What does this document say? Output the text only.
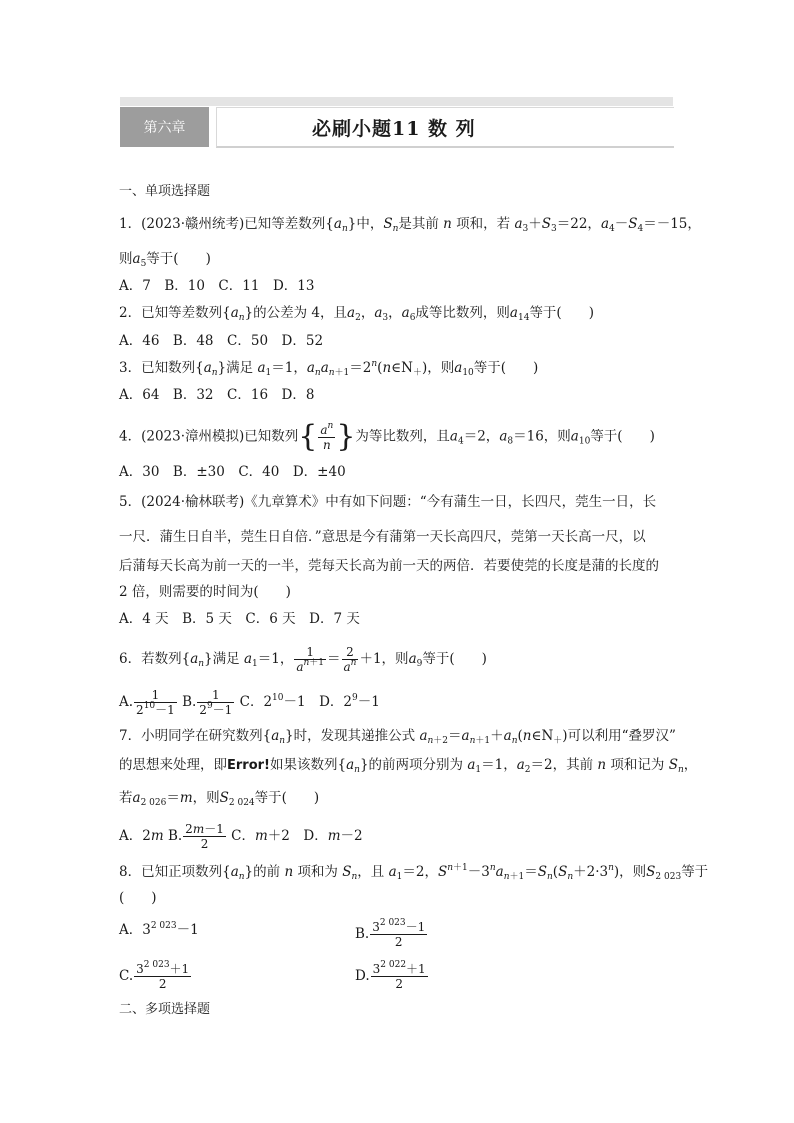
第六章	必刷小题11 数 列
一、单项选择题
1．(2023·赣州统考)已知等差数列$\{a_n\}$中，$S_n$是其前 n 项和，若 $a_3+S_3=22$，$a_4-S_4=-15$，
则$a_5$等于(　　)
A．7　B．10　C．11　D．13
2．已知等差数列$\{a_n\}$的公差为 4，且$a_2$，$a_3$，$a_6$成等比数列，则$a_{14}$等于(　　)
A．46　B．48　C．50　D．52
3．已知数列$\{a_n\}$满足 $a_1=1$，$a_na_{n+1}=2^n(n\in N_+)$，则$a_{10}$等于(　　)
A．64　B．32　C．16　D．8
4．(2023·漳州模拟)已知数列{ $\frac{a^n}{n}$ }为等比数列，且$a_4=2$，$a_8=16$，则$a_{10}$等于(　　)
A．30　B．±30　C．40　D．±40
5．(2024·榆林联考)《九章算术》中有如下问题：“今有蒲生一日，长四尺，莞生一日，长
一尺．蒲生日自半，莞生日自倍．”意思是今有蒲第一天长高四尺，莞第一天长高一尺，以
后蒲每天长高为前一天的一半，莞每天长高为前一天的两倍．若要使莞的长度是蒲的长度的
2 倍，则需要的时间为(　　)
A．4 天　B．5 天　C．6 天　D．7 天
6．若数列$\{a_n\}$满足 $a_1=1$， $\frac{1}{a^{n+1}} = \frac{2}{a^n} +1$，则$a_9$等于(　　)
A. $\frac{1}{2^{10}-1} B$. $\frac{1}{2^9-1}$ C．$2^{10}-1$　D．$2^9-1$
7．小明同学在研究数列$\{a_n\}$时，发现其递推公式 $a_{n+2}=a_{n+1}+a_n(n\in N_+)$可以利用“叠罗汉”
的思想来处理，即Error!如果该数列$\{a_n\}$的前两项分别为 $a_1=1$，$a_2=2$，其前 n 项和记为 $S_n$，
若$a_{2 026}=m$，则$S_{2 024}$等于(　　)
A．2m B. $\frac{2m-1}{2}$ C．m＋2　D．m－2
8．已知正项数列$\{a_n\}$的前 n 项和为 $S_n$，且 $a_1=2$，$S^{n+1}-3^na_{n+1}=S_n(S_n+2\cdot 3^n)$，则$S_{2 023}$等于
(　　)
A．$3^{2 023}-1$	B. $\frac{3^{2 023}-1}{2}$
C. $\frac{3^{2 023}+1}{2}$	D. $\frac{3^{2 022}+1}{2}$
二、多项选择题
